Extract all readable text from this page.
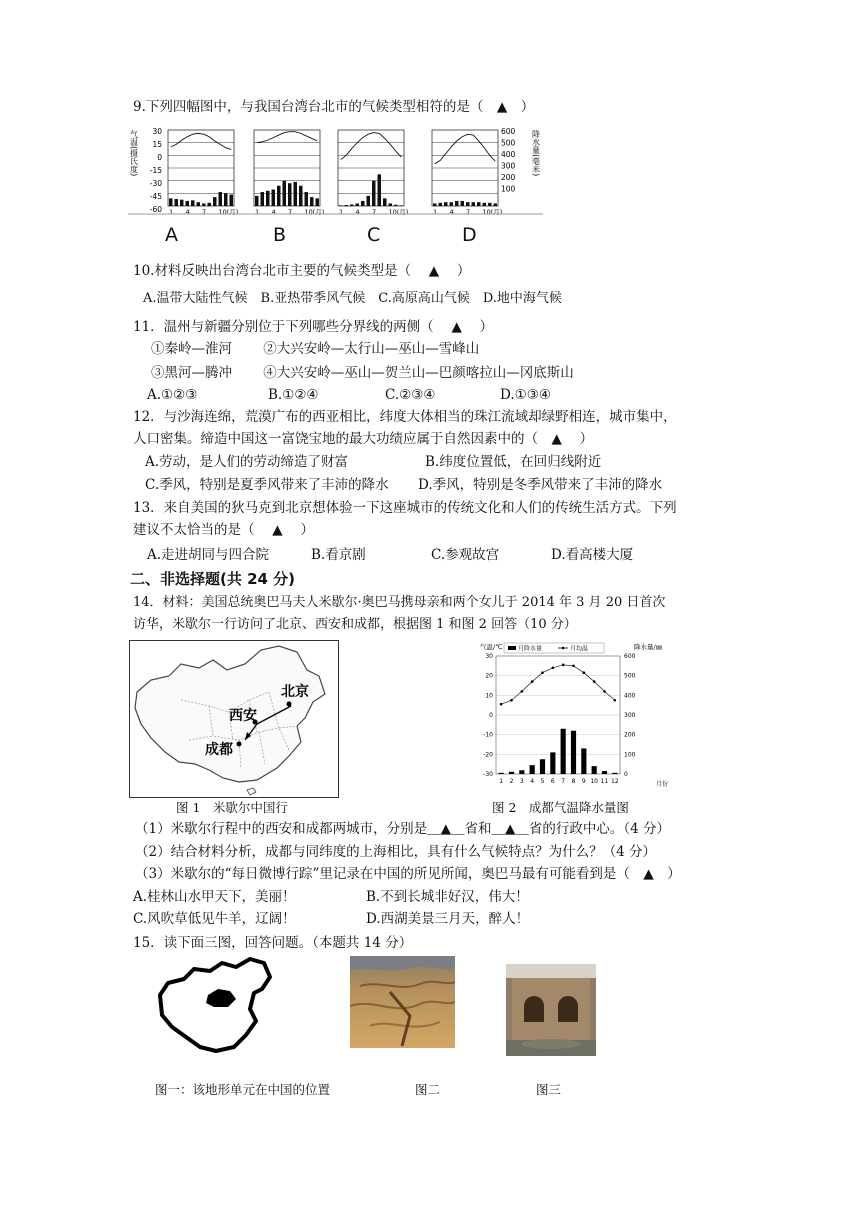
9.下列四幅图中，与我国台湾台北市的气候类型相符的是（　▲　）
气温(摄氏度) 30
15
0
-15
-30
-45
-60
降水量(毫米)
600
500
400
300
200
100
1 4 7 10(月)	1 4 7 10(月) 1 4 7 10(月)	1 4 7 10(月)
A	B	C	D
10.材料反映出台湾台北市主要的气候类型是（　 ▲　 ）
A.温带大陆性气候　B.亚热带季风气候　C.高原高山气候　D.地中海气候
11．温州与新疆分别位于下列哪些分界线的两侧（　 ▲　 ）
①秦岭—淮河　　 ②大兴安岭—太行山—巫山—雪峰山
③黑河—腾冲　　 ④大兴安岭—巫山—贺兰山—巴颜喀拉山—冈底斯山
A.①②③	B.①②④	C.②③④	D.①③④
12．与沙海连绵，荒漠广布的西亚相比，纬度大体相当的珠江流域却绿野相连，城市集中，
人口密集。缔造中国这一富饶宝地的最大功绩应属于自然因素中的（　▲　 ）
A.劳动，是人们的劳动缔造了财富	B.纬度位置低，在回归线附近
C.季风，特别是夏季风带来了丰沛的降水 D.季风，特别是冬季风带来了丰沛的降水
13．来自美国的狄马克到北京想体验一下这座城市的传统文化和人们的传统生活方式。下列
建议不太恰当的是（　 ▲　 ）
A.走进胡同与四合院	B.看京剧	C.参观故宫	D.看高楼大厦
二、非选择题(共 24 分)
14．材料：美国总统奥巴马夫人米歇尔·奥巴马携母亲和两个女儿于 2014 年 3 月 20 日首次
访华，米歇尔一行访问了北京、西安和成都，根据图 1 和图 2 回答（10 分）
北京
西安
成都
图 1　米歇尔中国行
气温/℃	降水量/㎜
月降水量	月均温
30
20
10
0
-10
-20
-30
600
500
400
300
200
100
0
1 2 3 4 5 6 7 8 9 10 11 12	月份
图 2　成都气温降水量图
（1）米歇尔行程中的西安和成都两城市，分别是＿▲＿省和＿▲＿省的行政中心。（4 分）
（2）结合材料分析，成都与同纬度的上海相比，具有什么气候特点？为什么？（4 分）
（3）米歇尔的“每日微博行踪”里记录在中国的所见所闻，奥巴马最有可能看到是（　▲　）
A.桂林山水甲天下，美丽！	B.不到长城非好汉，伟大！
C.风吹草低见牛羊，辽阔！	D.西湖美景三月天，醉人！
15．读下面三图，回答问题。（本题共 14 分）
图一：该地形单元在中国的位置	图二	图三
